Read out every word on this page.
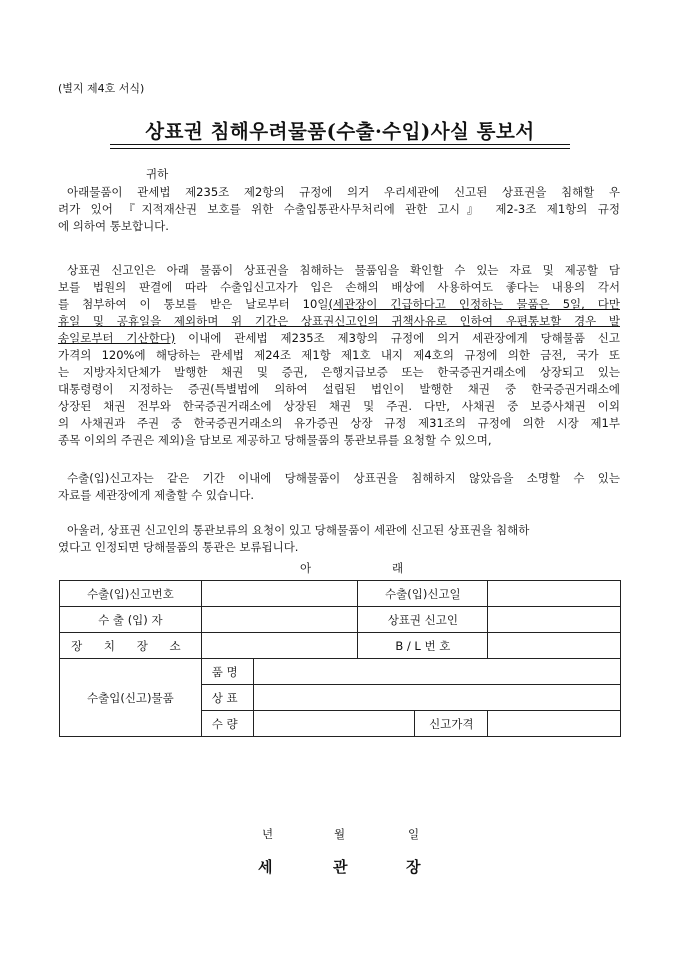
(별지 제4호 서식)
상표권 침해우려물품(수출·수입)사실 통보서
귀하

아래물품이 관세법 제235조 제2항의 규정에 의거 우리세관에 신고된 상표권을 침해할 우

려가 있어 『지적재산권 보호를 위한 수출입통관사무처리에 관한 고시』 제2-3조 제1항의 규정

에 의하여 통보합니다.

상표권 신고인은 아래 물품이 상표권을 침해하는 물품임을 확인할 수 있는 자료 및 제공할 담

보를 법원의 판결에 따라 수출입신고자가 입은 손해의 배상에 사용하여도 좋다는 내용의 각서

를 첨부하여 이 통보를 받은 날로부터 10일(세관장이 긴급하다고 인정하는 물품은 5일, 다만

휴일 및 공휴일을 제외하며 위 기간은 상표권신고인의 귀책사유로 인하여 우편통보할 경우 발

송일로부터 기산한다) 이내에 관세법 제235조 제3항의 규정에 의거 세관장에게 당해물품 신고

가격의 120%에 해당하는 관세법 제24조 제1항 제1호 내지 제4호의 규정에 의한 금전, 국가 또

는 지방자치단체가 발행한 채권 및 증권, 은행지급보증 또는 한국증권거래소에 상장되고 있는

대통령령이 지정하는 증권(특별법에 의하여 설립된 법인이 발행한 채권 중 한국증권거래소에

상장된 채권 전부와 한국증권거래소에 상장된 채권 및 주권. 다만, 사채권 중 보증사채권 이외

의 사채권과 주권 중 한국증권거래소의 유가증권 상장 규정 제31조의 규정에 의한 시장 제1부

종목 이외의 주권은 제외)을 담보로 제공하고 당해물품의 통관보류를 요청할 수 있으며,

수출(입)신고자는 같은 기간 이내에 당해물품이 상표권을 침해하지 않았음을 소명할 수 있는

자료를 세관장에게 제출할 수 있습니다.

아울러, 상표권 신고인의 통관보류의 요청이 있고 당해물품이 세관에 신고된 상표권을 침해하

였다고 인정되면 당해물품의 통관은 보류됩니다.

아	래
수출(입)신고번호			수출(입)신고일		
수 출 (입) 자			상표권 신고인		
장 치 장 소			B / L 번 호		
수출입(신고)물품	품 명				
	상 표				
	수 량			신고가격	
년	월	일
세	관	장
